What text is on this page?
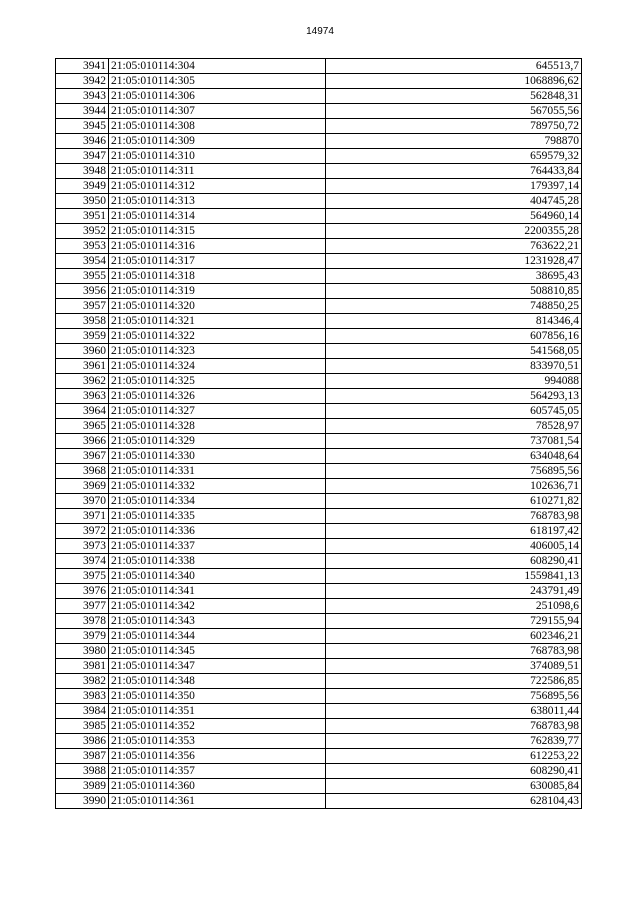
14974
3941	21:05:010114:304	645513,7
3942	21:05:010114:305	1068896,62
3943	21:05:010114:306	562848,31
3944	21:05:010114:307	567055,56
3945	21:05:010114:308	789750,72
3946	21:05:010114:309	798870
3947	21:05:010114:310	659579,32
3948	21:05:010114:311	764433,84
3949	21:05:010114:312	179397,14
3950	21:05:010114:313	404745,28
3951	21:05:010114:314	564960,14
3952	21:05:010114:315	2200355,28
3953	21:05:010114:316	763622,21
3954	21:05:010114:317	1231928,47
3955	21:05:010114:318	38695,43
3956	21:05:010114:319	508810,85
3957	21:05:010114:320	748850,25
3958	21:05:010114:321	814346,4
3959	21:05:010114:322	607856,16
3960	21:05:010114:323	541568,05
3961	21:05:010114:324	833970,51
3962	21:05:010114:325	994088
3963	21:05:010114:326	564293,13
3964	21:05:010114:327	605745,05
3965	21:05:010114:328	78528,97
3966	21:05:010114:329	737081,54
3967	21:05:010114:330	634048,64
3968	21:05:010114:331	756895,56
3969	21:05:010114:332	102636,71
3970	21:05:010114:334	610271,82
3971	21:05:010114:335	768783,98
3972	21:05:010114:336	618197,42
3973	21:05:010114:337	406005,14
3974	21:05:010114:338	608290,41
3975	21:05:010114:340	1559841,13
3976	21:05:010114:341	243791,49
3977	21:05:010114:342	251098,6
3978	21:05:010114:343	729155,94
3979	21:05:010114:344	602346,21
3980	21:05:010114:345	768783,98
3981	21:05:010114:347	374089,51
3982	21:05:010114:348	722586,85
3983	21:05:010114:350	756895,56
3984	21:05:010114:351	638011,44
3985	21:05:010114:352	768783,98
3986	21:05:010114:353	762839,77
3987	21:05:010114:356	612253,22
3988	21:05:010114:357	608290,41
3989	21:05:010114:360	630085,84
3990	21:05:010114:361	628104,43
